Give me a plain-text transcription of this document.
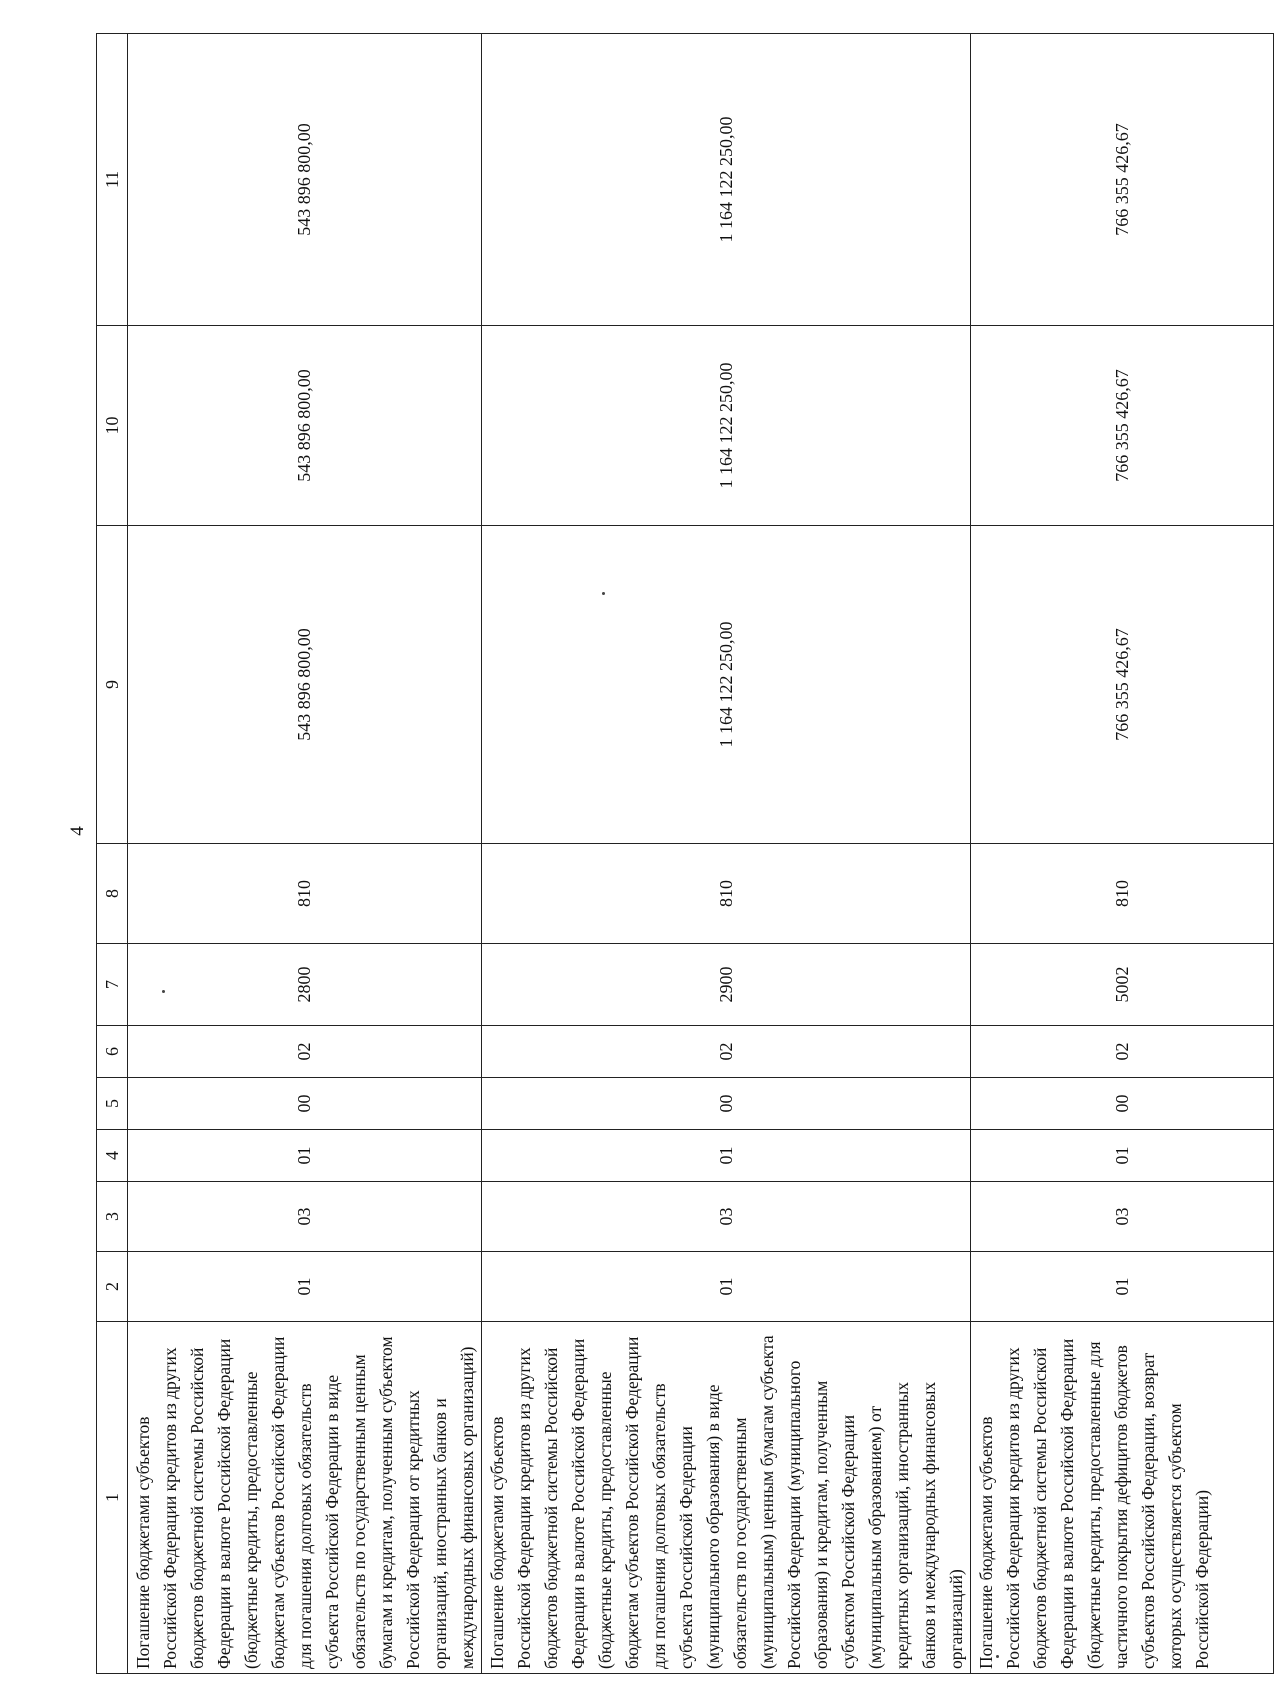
4
1	2	3	4	5	6	7	8	9	10	11
Погашение бюджетами субъектов Российской Федерации кредитов из других бюджетов бюджетной системы Российской Федерации в валюте Российской Федерации (бюджетные кредиты, предоставленные бюджетам субъектов Российской Федерации для погашения долговых обязательств субъекта Российской Федерации в виде обязательств по государственным ценным бумагам и кредитам, полученным субъектом Российской Федерации от кредитных организаций, иностранных банков и международных финансовых организаций)	01	03	01	00	02	2800	810	543 896 800,00	543 896 800,00	543 896 800,00
Погашение бюджетами субъектов Российской Федерации кредитов из других бюджетов бюджетной системы Российской Федерации в валюте Российской Федерации (бюджетные кредиты, предоставленные бюджетам субъектов Российской Федерации для погашения долговых обязательств субъекта Российской Федерации (муниципального образования) в виде обязательств по государственным (муниципальным) ценным бумагам субъекта Российской Федерации (муниципального образования) и кредитам, полученным субъектом Российской Федерации (муниципальным образованием) от кредитных организаций, иностранных банков и международных финансовых организаций)	01	03	01	00	02	2900	810	1 164 122 250,00	1 164 122 250,00	1 164 122 250,00
Погашение бюджетами субъектов Российской Федерации кредитов из других бюджетов бюджетной системы Российской Федерации в валюте Российской Федерации (бюджетные кредиты, предоставленные для частичного покрытия дефицитов бюджетов субъектов Российской Федерации, возврат которых осуществляется субъектом Российской Федерации)	01	03	01	00	02	5002	810	766 355 426,67	766 355 426,67	766 355 426,67
